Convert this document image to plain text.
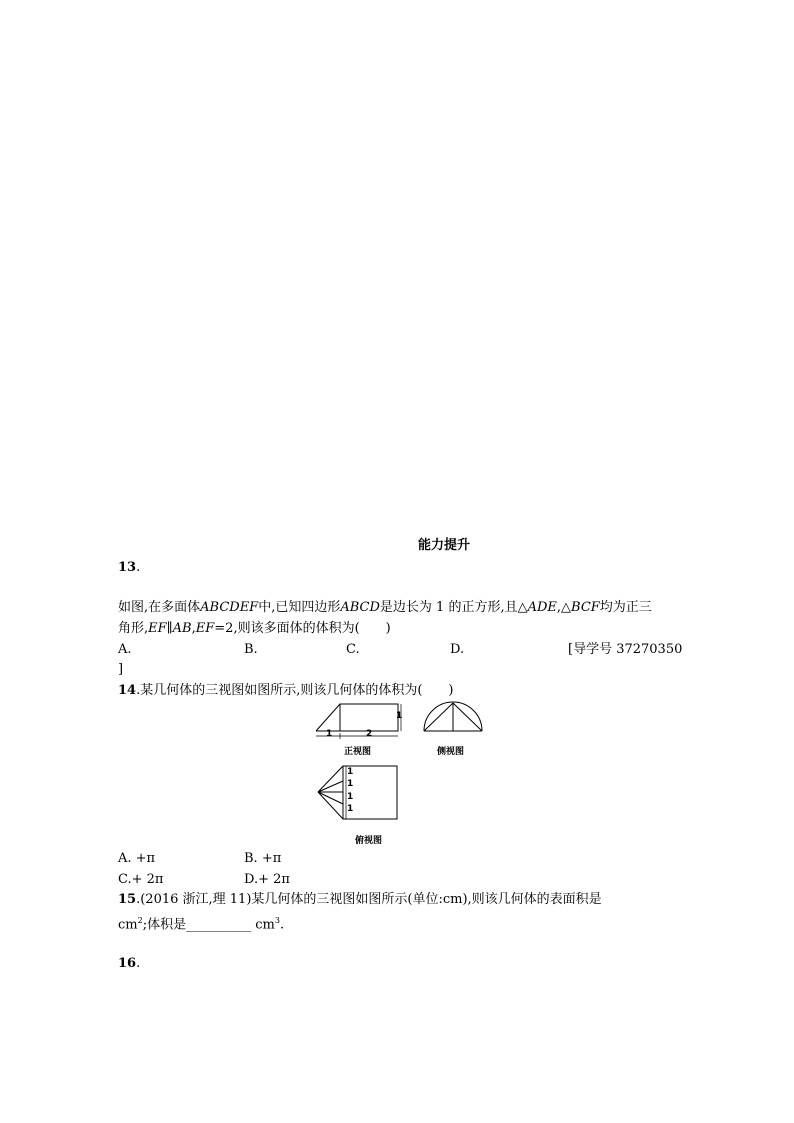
能力提升
13.
如图,在多面体ABCDEF中,已知四边形ABCD是边长为 1 的正方形,且△ADE,△BCF均为正三
角形,EF∥AB,EF=2,则该多面体的体积为(　　)
A.	B.	C.	D.	[导学号 37270350
]
14.某几何体的三视图如图所示,则该几何体的体积为(　　)
1	2
1
1
1
1
1
正视图	侧视图
俯视图
A. +π	B. +π
C.+ 2π	D.+ 2π
15.(2016 浙江,理 11)某几何体的三视图如图所示(单位:cm),则该几何体的表面积是
$cm^2$;体积是__________ $cm^3$.
16.
